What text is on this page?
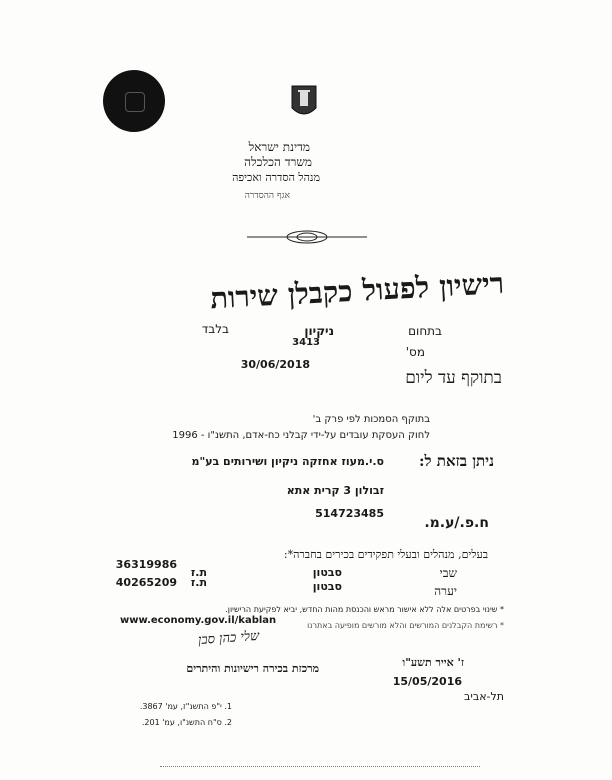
מדינת ישראל
משרד הכלכלה
מנהל הסדרה ואכיפה
אגף ההסדרה
רישיון לפעול כקבלן שירות
בתחום
ניקיון
בלבד
מס'
3413
30/06/2018
בתוקף עד ליום
בתוקף הסמכות לפי פרק ב'
לחוק העסקת עובדים על-ידי קבלני כח-אדם, התשנ"ו - 1996
ניתן בזאת ל:
ס.י.מעוז אחזקה ניקיון ושירותים בע"מ
זבולון 3 קרית אתא
514723485
ח.פ./ע.מ.
בעלים, מנהלים ובעלי תפקידים בכירים בחברה*:
שבי
סבטון
ת.ז
36319986
יערה
סבטון
ת.ז
40265209
* שינוי בפרטים אלה ללא אישור מראש והכנסת מהות החדש, יביא לפקיעת הרישיון.
* רשימת הקבלנים המורשים והלא מורשים מופיעה באתרנו
www.economy.gov.il/kablan
שלי כהן סבן
מרכזת בכירה רישיונות והיתרים	ז' אייר תשע"ו
15/05/2016
תל-אביב
1. י"פ התשנ"ז, עמ' 3867.
2. ס"ח התשנ"ו, עמ' 201.
